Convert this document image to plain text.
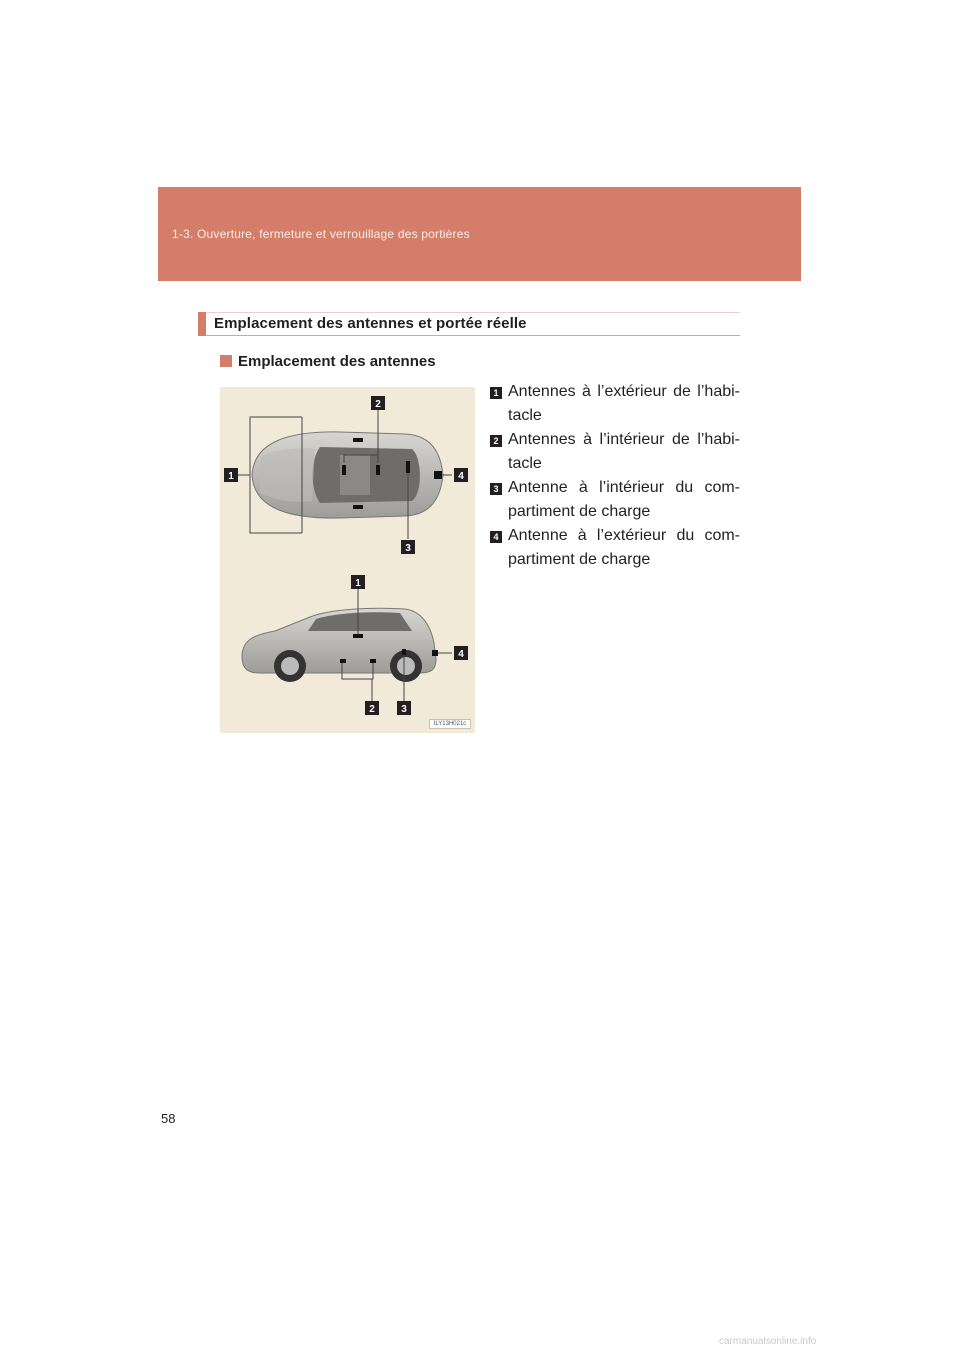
1-3. Ouverture, fermeture et verrouillage des portières
Emplacement des antennes et portée réelle
Emplacement des antennes
1
2
3
4
1
2	3
4
ILY13H021c
1 Antennes à l’extérieur de l’habi-tacle
2 Antennes à l’intérieur de l’habi-tacle
3 Antenne à l’intérieur du com-partiment de charge
4 Antenne à l’extérieur du com-partiment de charge
58
carmanualsonline.info
